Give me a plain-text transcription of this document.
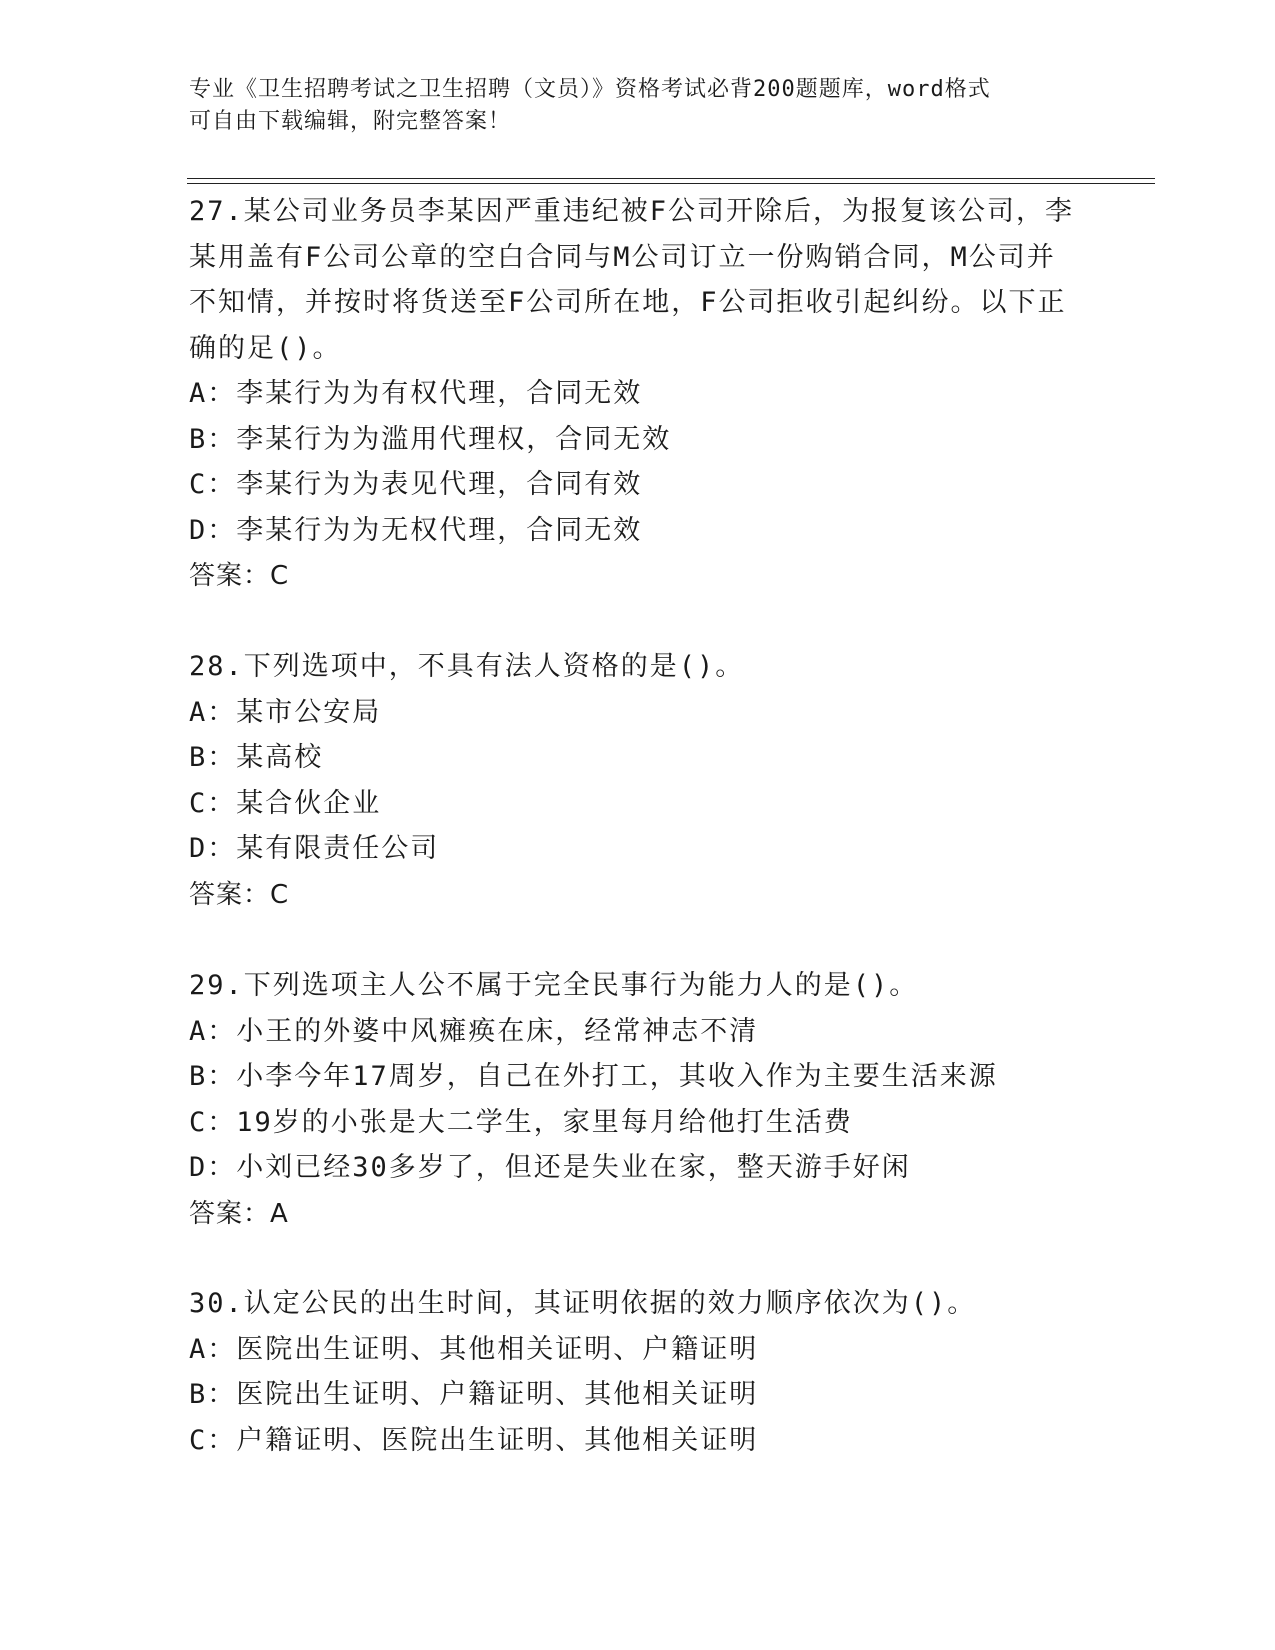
专业《卫生招聘考试之卫生招聘（文员）》资格考试必背200题题库，word格式
可自由下载编辑，附完整答案！
27.某公司业务员李某因严重违纪被F公司开除后，为报复该公司，李
某用盖有F公司公章的空白合同与M公司订立一份购销合同，M公司并
不知情，并按时将货送至F公司所在地，F公司拒收引起纠纷。以下正
确的足()。
A：李某行为为有权代理，合同无效
B：李某行为为滥用代理权，合同无效
C：李某行为为表见代理，合同有效
D：李某行为为无权代理，合同无效
答案：C
28.下列选项中，不具有法人资格的是()。
A：某市公安局
B：某高校
C：某合伙企业
D：某有限责任公司
答案：C
29.下列选项主人公不属于完全民事行为能力人的是()。
A：小王的外婆中风瘫痪在床，经常神志不清
B：小李今年17周岁，自己在外打工，其收入作为主要生活来源
C：19岁的小张是大二学生，家里每月给他打生活费
D：小刘已经30多岁了，但还是失业在家，整天游手好闲
答案：A
30.认定公民的出生时间，其证明依据的效力顺序依次为()。
A：医院出生证明、其他相关证明、户籍证明
B：医院出生证明、户籍证明、其他相关证明
C：户籍证明、医院出生证明、其他相关证明
